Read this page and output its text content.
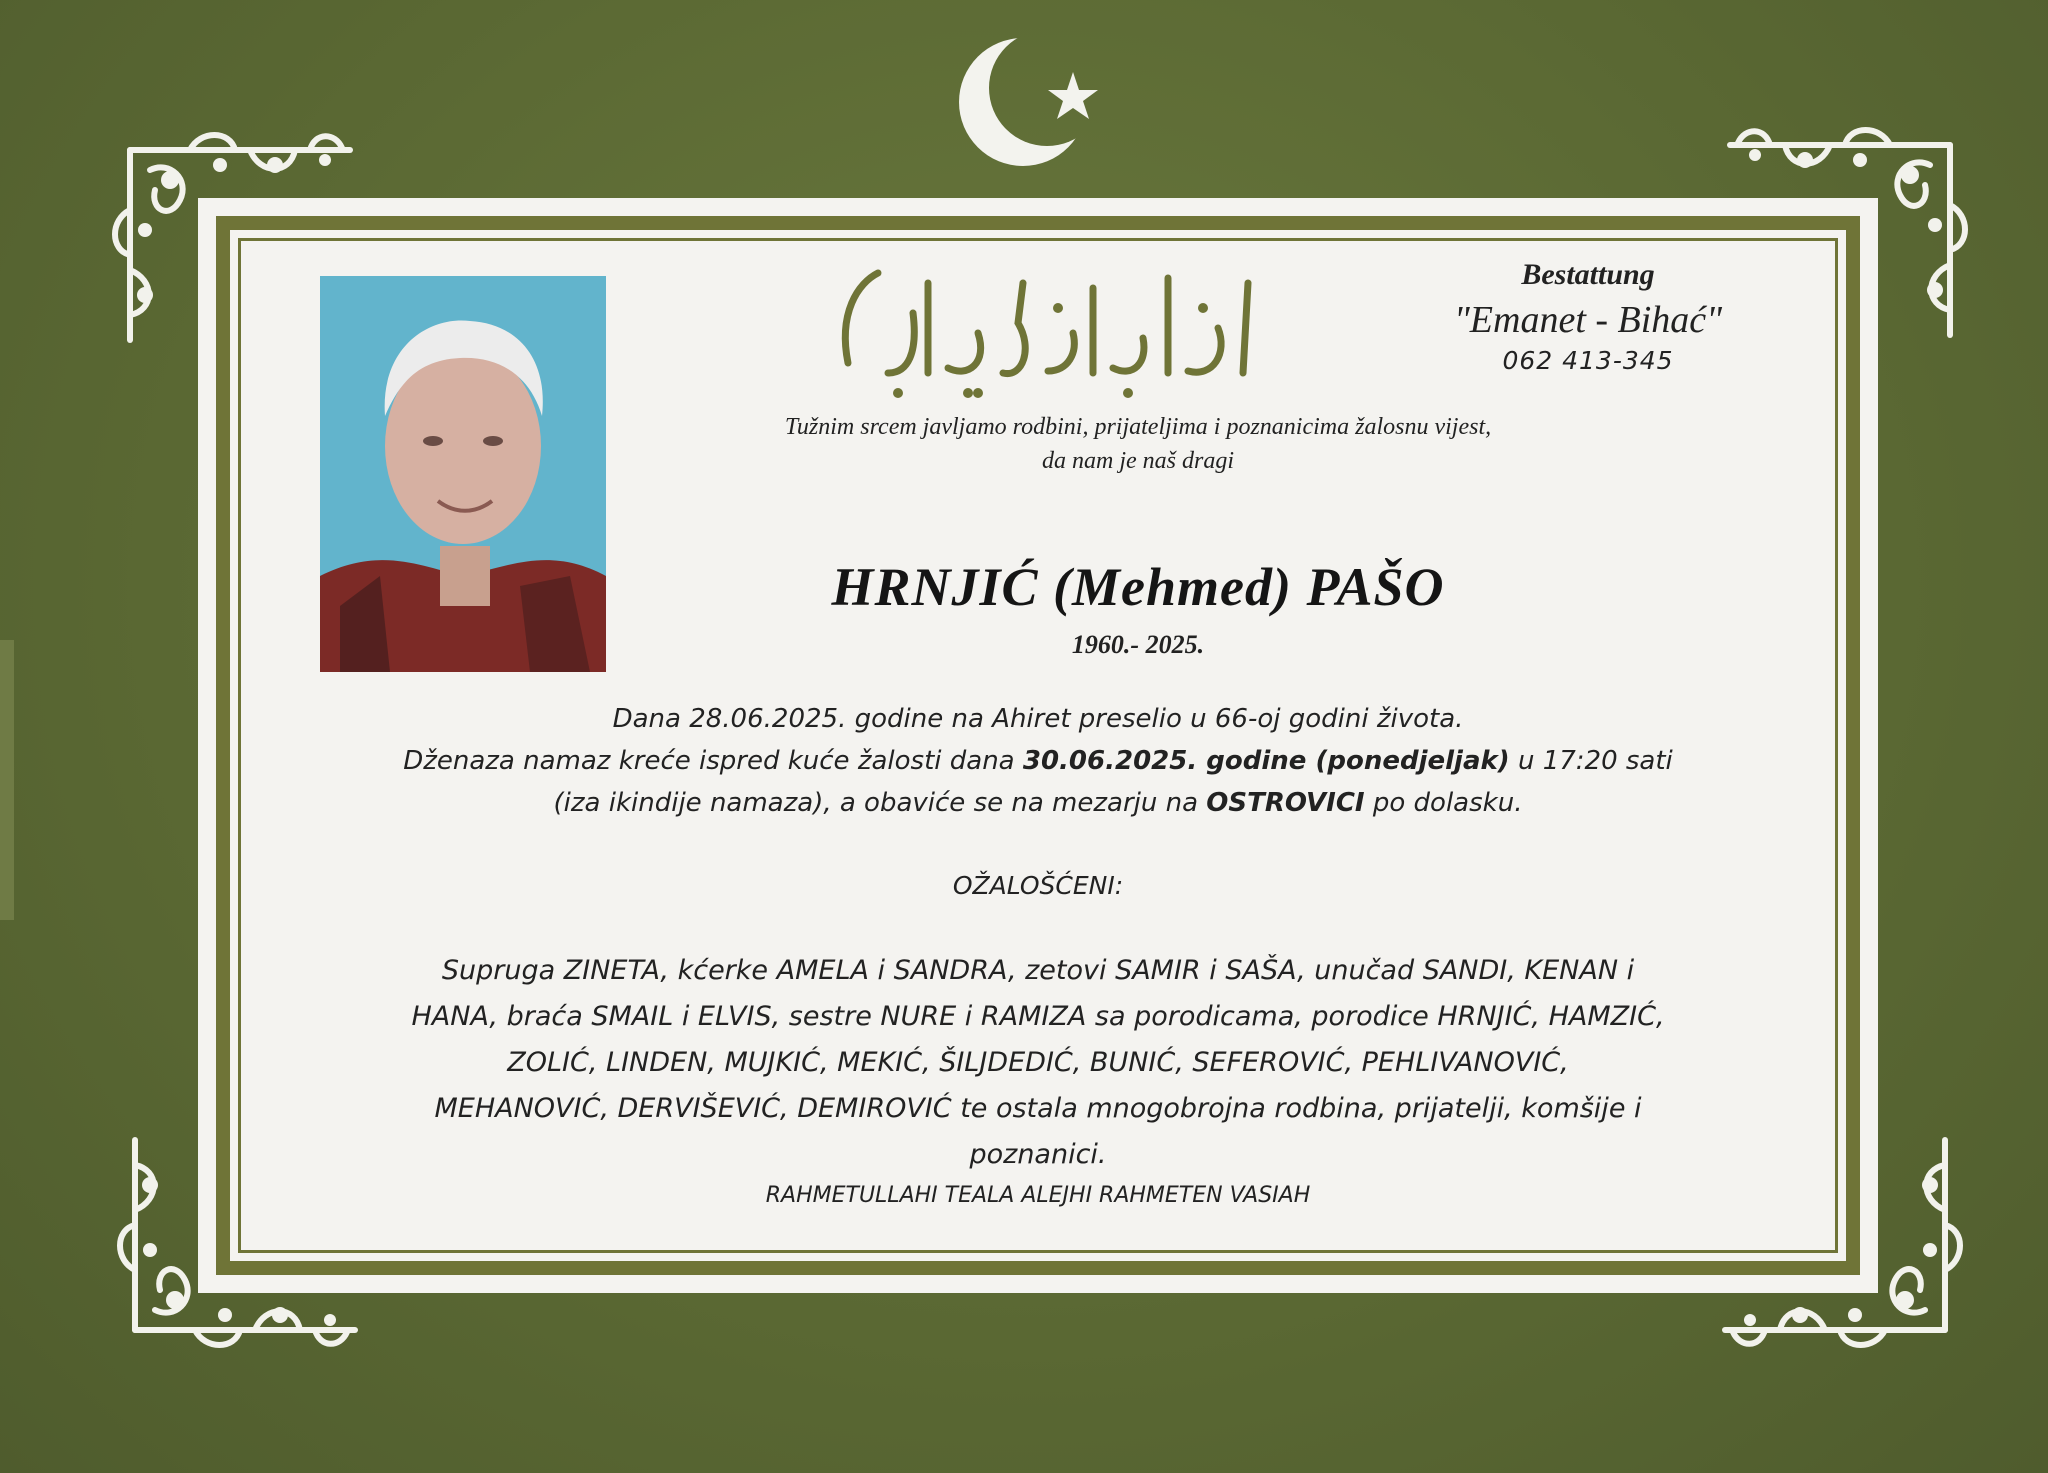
Bestattung
"Emanet - Bihać"
062 413-345
Tužnim srcem javljamo rodbini, prijateljima i poznanicima žalosnu vijest,
da nam je naš dragi
HRNJIĆ (Mehmed) PAŠO
1960.- 2025.
Dana 28.06.2025. godine na Ahiret preselio u 66-oj godini života.
Dženaza namaz kreće ispred kuće žalosti dana 30.06.2025. godine (ponedjeljak) u 17:20 sati
(iza ikindije namaza), a obaviće se na mezarju na OSTROVICI po dolasku.
OŽALOŠĆENI:
Supruga ZINETA, kćerke AMELA i SANDRA, zetovi SAMIR i SAŠA, unučad SANDI, KENAN i
HANA, braća SMAIL i ELVIS, sestre NURE i RAMIZA sa porodicama, porodice HRNJIĆ, HAMZIĆ,
ZOLIĆ, LINDEN, MUJKIĆ, MEKIĆ, ŠILJDEDIĆ, BUNIĆ, SEFEROVIĆ, PEHLIVANOVIĆ,
MEHANOVIĆ, DERVIŠEVIĆ, DEMIROVIĆ te ostala mnogobrojna rodbina, prijatelji, komšije i
poznanici.
RAHMETULLAHI TEALA ALEJHI RAHMETEN VASIAH
